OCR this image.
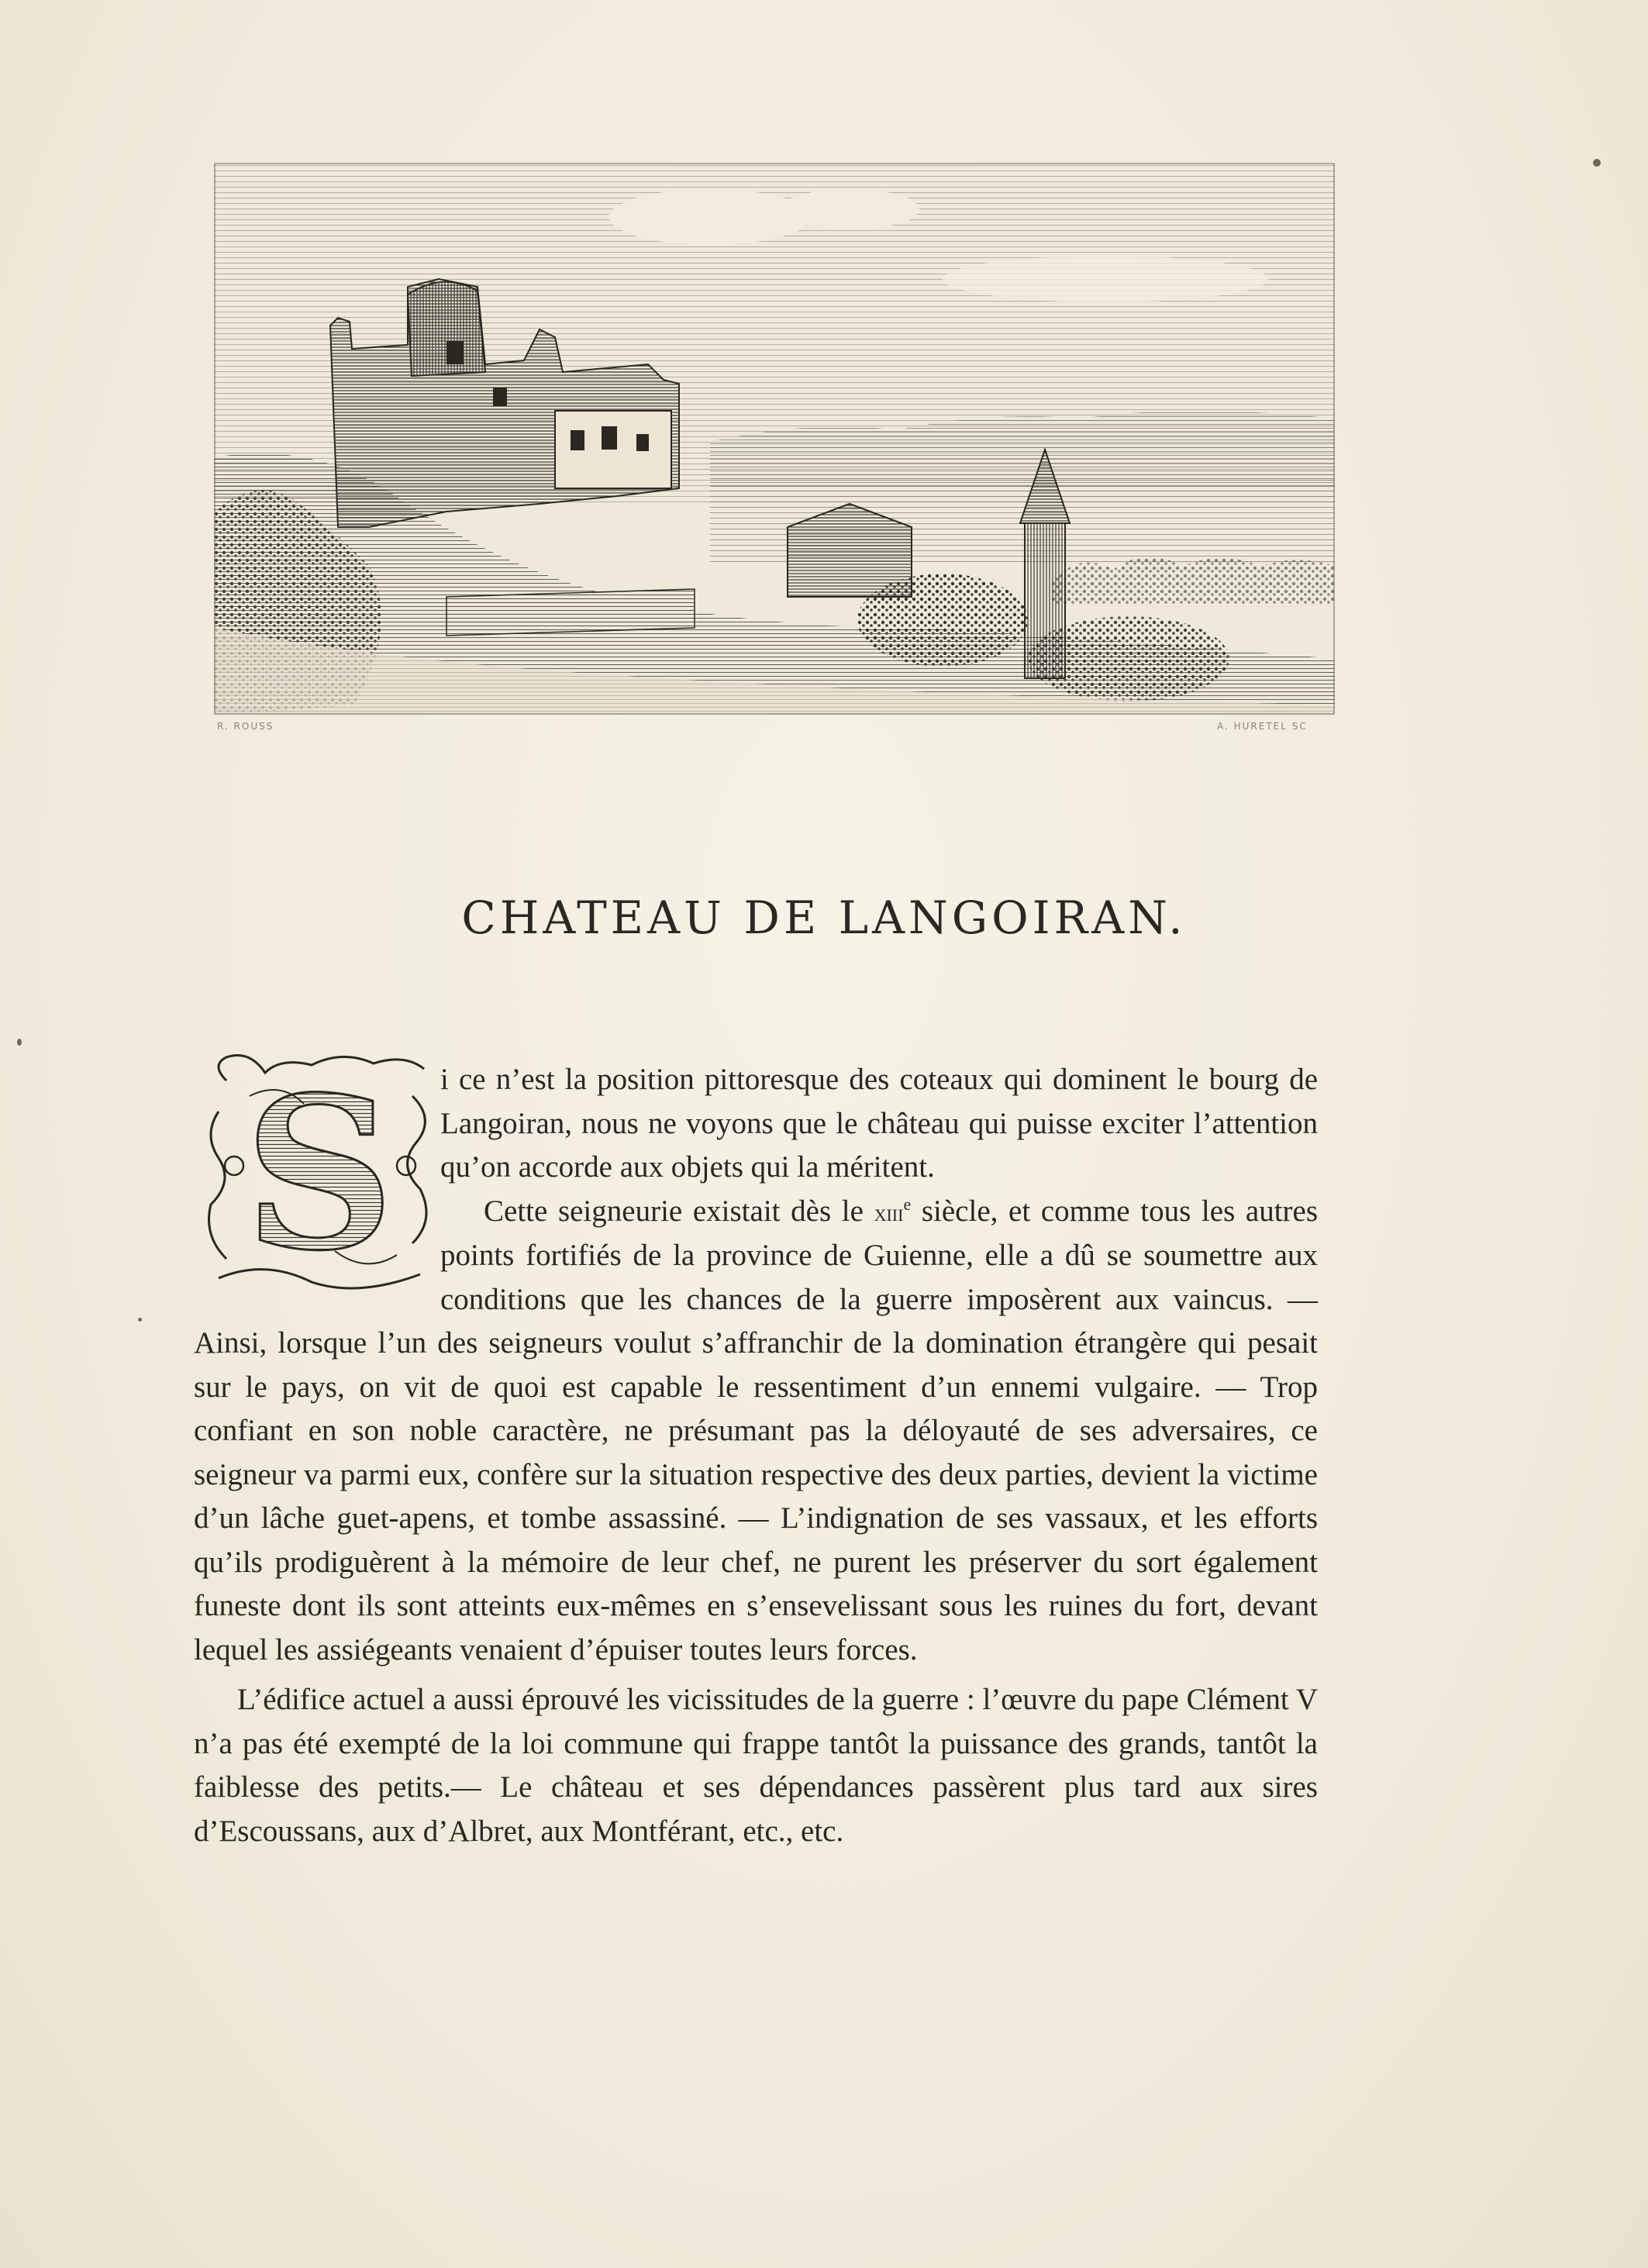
R. ROUSS	A. HURETEL SC
CHATEAU DE LANGOIRAN.
S	i ce n’est la position pittoresque des coteaux qui dominent le bourg de Langoiran, nous ne voyons que le château qui puisse exciter l’attention qu’on accorde aux objets qui la méritent.

Cette seigneurie existait dès le xiii$^e$ siècle, et comme tous les autres points fortifiés de la province de Guienne, elle a dû se soumettre aux conditions que les chances de la guerre imposèrent aux vaincus. — Ainsi, lorsque l’un des seigneurs voulut s’affranchir de la domination étrangère qui pesait sur le pays, on vit de quoi est capable le ressentiment d’un ennemi vulgaire. — Trop confiant en son noble caractère, ne présumant pas la déloyauté de ses adversaires, ce seigneur va parmi eux, confère sur la situation respective des deux parties, devient la victime d’un lâche guet-apens, et tombe assassiné. — L’indignation de ses vassaux, et les efforts qu’ils prodiguèrent à la mémoire de leur chef, ne purent les préserver du sort également funeste dont ils sont atteints eux-mêmes en s’ensevelissant sous les ruines du fort, devant lequel les assiégeants venaient d’épuiser toutes leurs forces.

L’édifice actuel a aussi éprouvé les vicissitudes de la guerre : l’œuvre du pape Clément V n’a pas été exempté de la loi commune qui frappe tantôt la puissance des grands, tantôt la faiblesse des petits.— Le château et ses dépendances passèrent plus tard aux sires d’Escoussans, aux d’Albret, aux Montférant, etc., etc.
